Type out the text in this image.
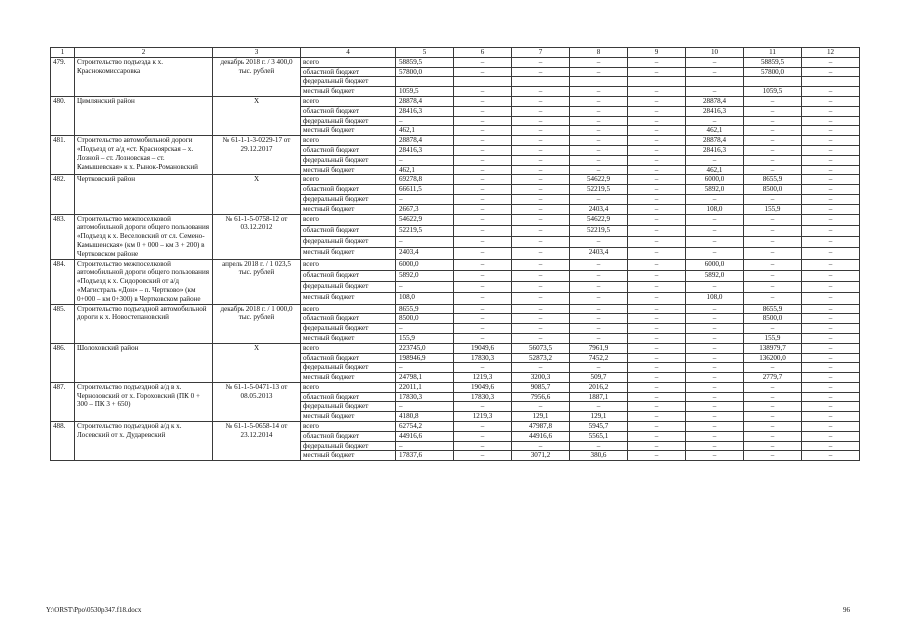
1	2	3	4	5	6	7	8	9	10	11	12
479.	Строительство подъезда к х. Краснокомиссаровка	декабрь 2018 г. / 3 400,0 тыс. рублей	всего	58859,5	–	–	–	–	–	58859,5	–
			областной бюджет	57800,0	–	–	–	–	–	57800,0	–
			федеральный бюджет								
			местный бюджет	1059,5	–	–	–	–	–	1059,5	–
480.	Цимлянский район	Х	всего	28878,4	–	–	–	–	28878,4	–	–
			областной бюджет	28416,3	–	–	–	–	28416,3	–	–
			федеральный бюджет	–	–	–	–	–	–	–	–
			местный бюджет	462,1	–	–	–	–	462,1	–	–
481.	Строительство автомобильной дороги «Подъезд от а/д «ст. Красноярская – х. Лозной – ст. Лозновская – ст. Камышевская» к х. Рынок-Романовский	№ 61-1-1-3-0229-17 от 29.12.2017	всего	28878,4	–	–	–	–	28878,4	–	–
			областной бюджет	28416,3	–	–	–	–	28416,3	–	–
			федеральный бюджет	–	–	–	–	–	–	–	–
			местный бюджет	462,1	–	–	–	–	462,1	–	–
482.	Чертковский район	Х	всего	69278,8	–	–	54622,9	–	6000,0	8655,9	–
			областной бюджет	66611,5	–	–	52219,5	–	5892,0	8500,0	–
			федеральный бюджет	–	–	–	–	–	–	–	–
			местный бюджет	2667,3	–	–	2403,4	–	108,0	155,9	–
483.	Строительство межпоселковой автомобильной дороги общего пользования «Подъезд к х. Веселовский от сл. Семено-Камышенская» (км 0 + 000 – км 3 + 200) в Чертковском районе	№ 61-1-5-0758-12 от 03.12.2012	всего	54622,9	–	–	54622,9	–	–	–	–
			областной бюджет	52219,5	–	–	52219,5	–	–	–	–
			федеральный бюджет	–	–	–	–	–	–	–	–
			местный бюджет	2403,4	–	–	2403,4	–	–	–	–
484.	Строительство межпоселковой автомобильной дороги общего пользования «Подъезд к х. Сидоровский от а/д «Магистраль «Дон» – п. Чертково» (км 0+000 – км 0+300) в Чертковском районе	апрель 2018 г. / 1 023,5 тыс. рублей	всего	6000,0	–	–	–	–	6000,0	–	–
			областной бюджет	5892,0	–	–	–	–	5892,0	–	–
			федеральный бюджет	–	–	–	–	–	–	–	–
			местный бюджет	108,0	–	–	–	–	108,0	–	–
485.	Строительство подъездной автомобильной дороги к х. Новостепановский	декабрь 2018 г. / 1 000,0 тыс. рублей	всего	8655,9	–	–	–	–	–	8655,9	–
			областной бюджет	8500,0	–	–	–	–	–	8500,0	–
			федеральный бюджет	–	–	–	–	–	–	–	–
			местный бюджет	155,9	–	–	–	–	–	155,9	–
486.	Шолоховский район	Х	всего	223745,0	19049,6	56073,5	7961,9	–	–	138979,7	–
			областной бюджет	198946,9	17830,3	52873,2	7452,2	–	–	136200,0	–
			федеральный бюджет	–	–	–	–	–	–	–	–
			местный бюджет	24798,1	1219,3	3200,3	509,7	–	–	2779,7	–
487.	Строительство подъездной а/д в х. Чернозовский от х. Гороховский (ПК 0 + 300 – ПК 3 + 650)	№ 61-1-5-0471-13 от 08.05.2013	всего	22011,1	19049,6	9085,7	2016,2	–	–	–	–
			областной бюджет	17830,3	17830,3	7956,6	1887,1	–	–	–	–
			федеральный бюджет	–	–	–	–	–	–	–	–
			местный бюджет	4180,8	1219,3	129,1	129,1	–	–	–	–
488.	Строительство подъездной а/д к х. Лосевский от х. Дударевский	№ 61-1-5-0658-14 от 23.12.2014	всего	62754,2	–	47987,8	5945,7	–	–	–	–
			областной бюджет	44916,6	–	44916,6	5565,1	–	–	–	–
			федеральный бюджет	–	–	–	–	–	–	–	–
			местный бюджет	17837,6	–	3071,2	380,6	–	–	–	–
Y:\ORST\Ppo\0530p347.f18.docx	96
